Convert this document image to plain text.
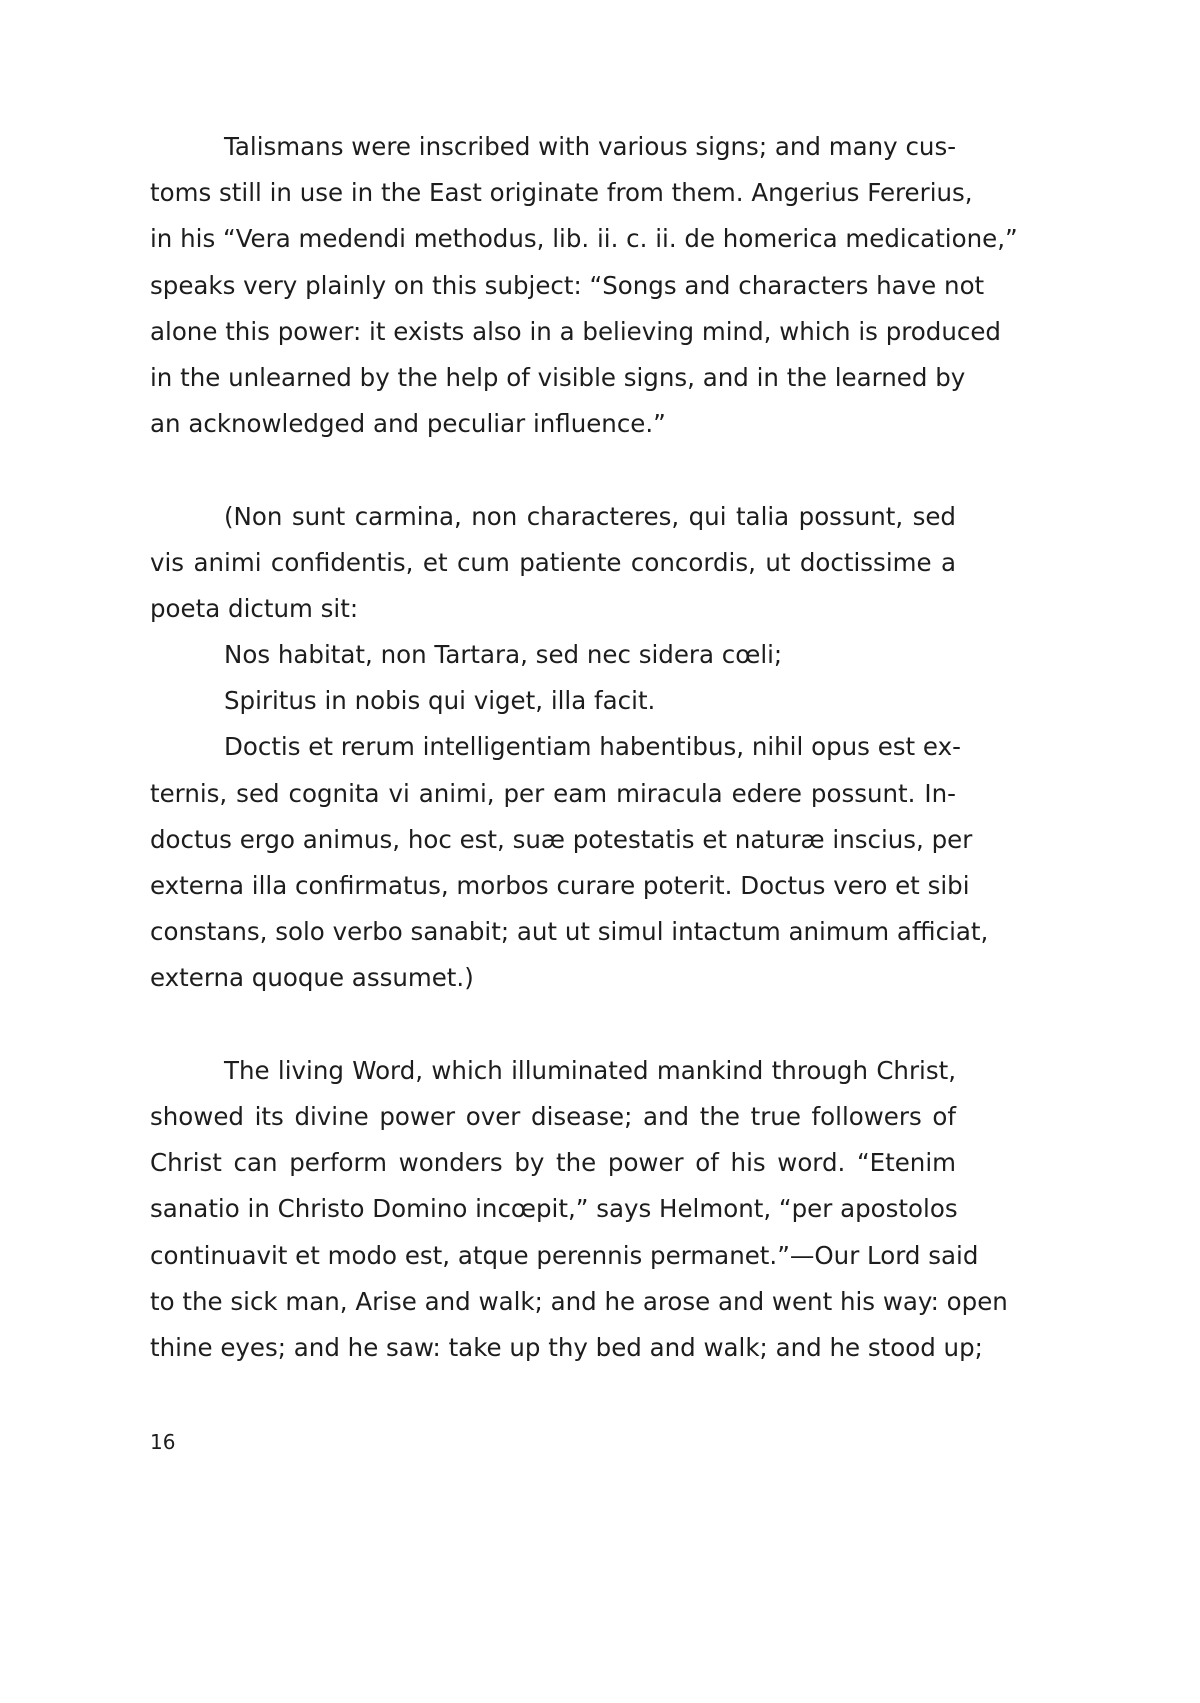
Talismans were inscribed with various signs; and many cus-
toms still in use in the East originate from them. Angerius Fererius,
in his “Vera medendi methodus, lib. ii. c. ii. de homerica medicatione,”
speaks very plainly on this subject: “Songs and characters have not
alone this power: it exists also in a believing mind, which is produced
in the unlearned by the help of visible signs, and in the learned by
an acknowledged and peculiar influence.”
(Non sunt carmina, non characteres, qui talia possunt, sed
vis animi confidentis, et cum patiente concordis, ut doctissime a
poeta dictum sit:
Nos habitat, non Tartara, sed nec sidera cœli;
Spiritus in nobis qui viget, illa facit.
Doctis et rerum intelligentiam habentibus, nihil opus est ex-
ternis, sed cognita vi animi, per eam miracula edere possunt. In-
doctus ergo animus, hoc est, suæ potestatis et naturæ inscius, per
externa illa confirmatus, morbos curare poterit. Doctus vero et sibi
constans, solo verbo sanabit; aut ut simul intactum animum afficiat,
externa quoque assumet.)
The living Word, which illuminated mankind through Christ,
showed its divine power over disease; and the true followers of
Christ can perform wonders by the power of his word. “Etenim
sanatio in Christo Domino incœpit,” says Helmont, “per apostolos
continuavit et modo est, atque perennis permanet.”—Our Lord said
to the sick man, Arise and walk; and he arose and went his way: open
thine eyes; and he saw: take up thy bed and walk; and he stood up;
16
